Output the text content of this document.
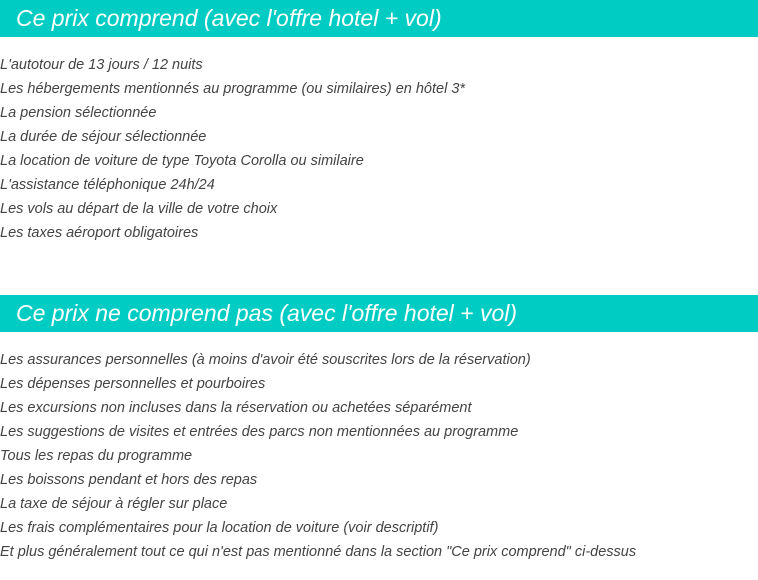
Ce prix comprend (avec l'offre hotel + vol)
L'autotour de 13 jours / 12 nuits
Les hébergements mentionnés au programme (ou similaires) en hôtel 3*
La pension sélectionnée
La durée de séjour sélectionnée
La location de voiture de type Toyota Corolla ou similaire
L'assistance téléphonique 24h/24
Les vols au départ de la ville de votre choix
Les taxes aéroport obligatoires
Ce prix ne comprend pas (avec l'offre hotel + vol)
Les assurances personnelles (à moins d'avoir été souscrites lors de la réservation)
Les dépenses personnelles et pourboires
Les excursions non incluses dans la réservation ou achetées séparément
Les suggestions de visites et entrées des parcs non mentionnées au programme
Tous les repas du programme
Les boissons pendant et hors des repas
La taxe de séjour à régler sur place
Les frais complémentaires pour la location de voiture (voir descriptif)
Et plus généralement tout ce qui n'est pas mentionné dans la section "Ce prix comprend" ci-dessus
